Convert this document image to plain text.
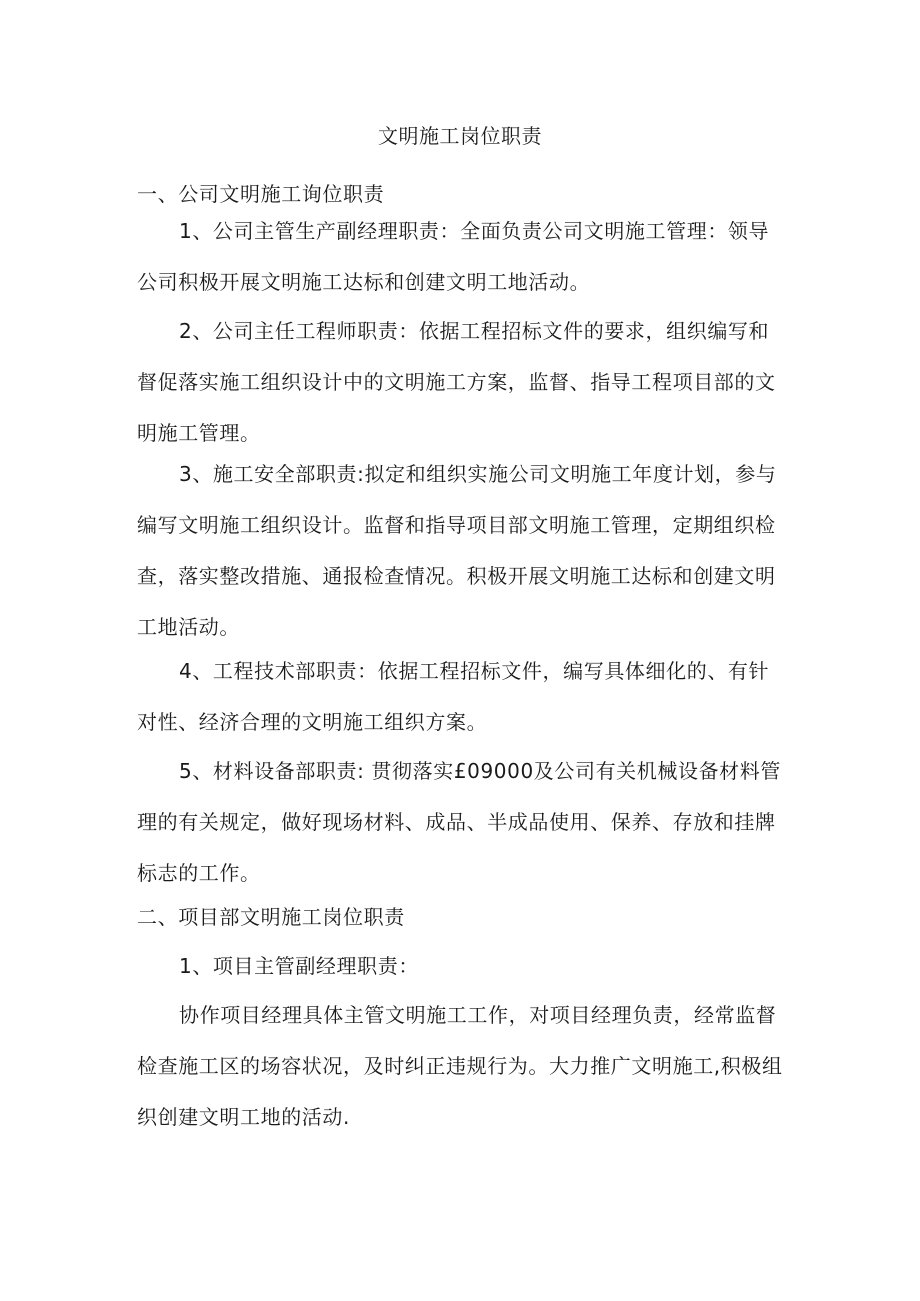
文明施工岗位职责

一、公司文明施工询位职责

1、公司主管生产副经理职责：全面负责公司文明施工管理：领导公司积极开展文明施工达标和创建文明工地活动。

2、公司主任工程师职责：依据工程招标文件的要求，组织编写和督促落实施工组织设计中的文明施工方案，监督、指导工程项目部的文明施工管理。

3、施工安全部职责:拟定和组织实施公司文明施工年度计划，参与编写文明施工组织设计。监督和指导项目部文明施工管理，定期组织检查，落实整改措施、通报检查情况。积极开展文明施工达标和创建文明工地活动。

4、工程技术部职责：依据工程招标文件，编写具体细化的、有针对性、经济合理的文明施工组织方案。

5、材料设备部职责: 贯彻落实£09000及公司有关机械设备材料管理的有关规定，做好现场材料、成品、半成品使用、保养、存放和挂牌标志的工作。

二、项目部文明施工岗位职责

1、项目主管副经理职责：

协作项目经理具体主管文明施工工作，对项目经理负责，经常监督检查施工区的场容状况，及时纠正违规行为。大力推广文明施工,积极组织创建文明工地的活动.
